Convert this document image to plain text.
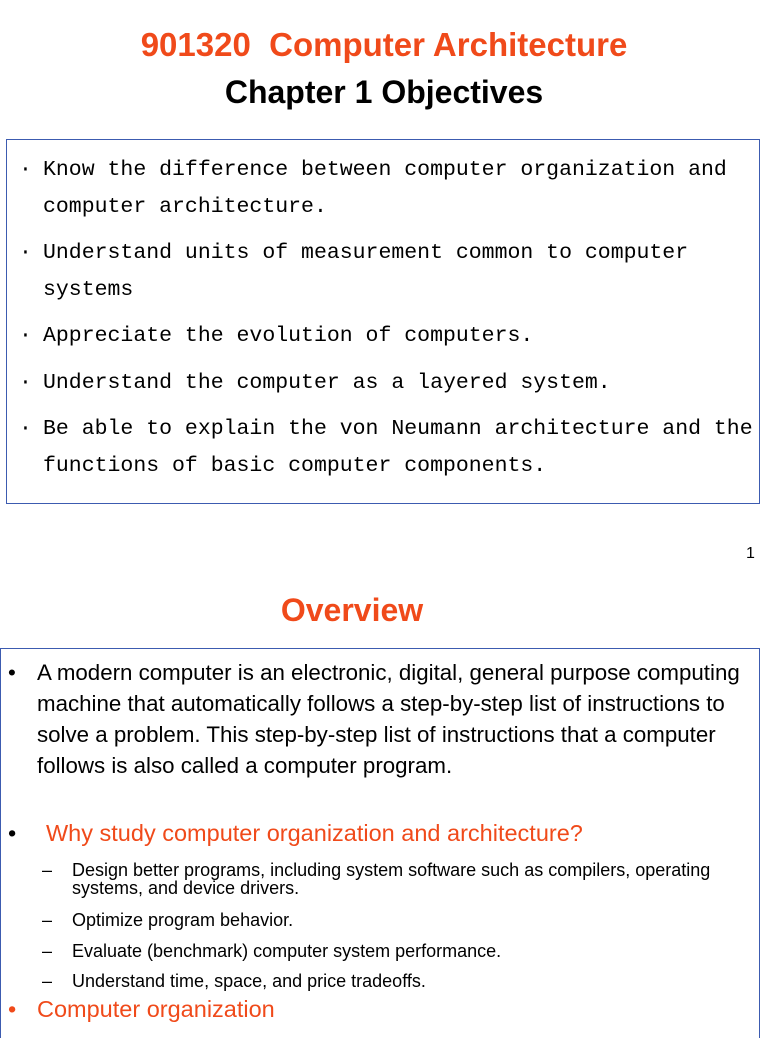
901320  Computer Architecture
Chapter 1 Objectives
· Know the difference between computer organization and
computer architecture.
· Understand units of measurement common to computer
systems
· Appreciate the evolution of computers.
· Understand the computer as a layered system.
· Be able to explain the von Neumann architecture and the
functions of basic computer components.
1
Overview
• A modern computer is an electronic, digital, general purpose computing machine that automatically follows a step-by-step list of instructions to solve a problem. This step-by-step list of instructions that a computer follows is also called a computer program.
• Why study computer organization and architecture?
–	Design better programs, including system software such as compilers, operating systems, and device drivers.
–	Optimize program behavior.
–	Evaluate (benchmark) computer system performance.
–	Understand time, space, and price tradeoffs.
• Computer organization
